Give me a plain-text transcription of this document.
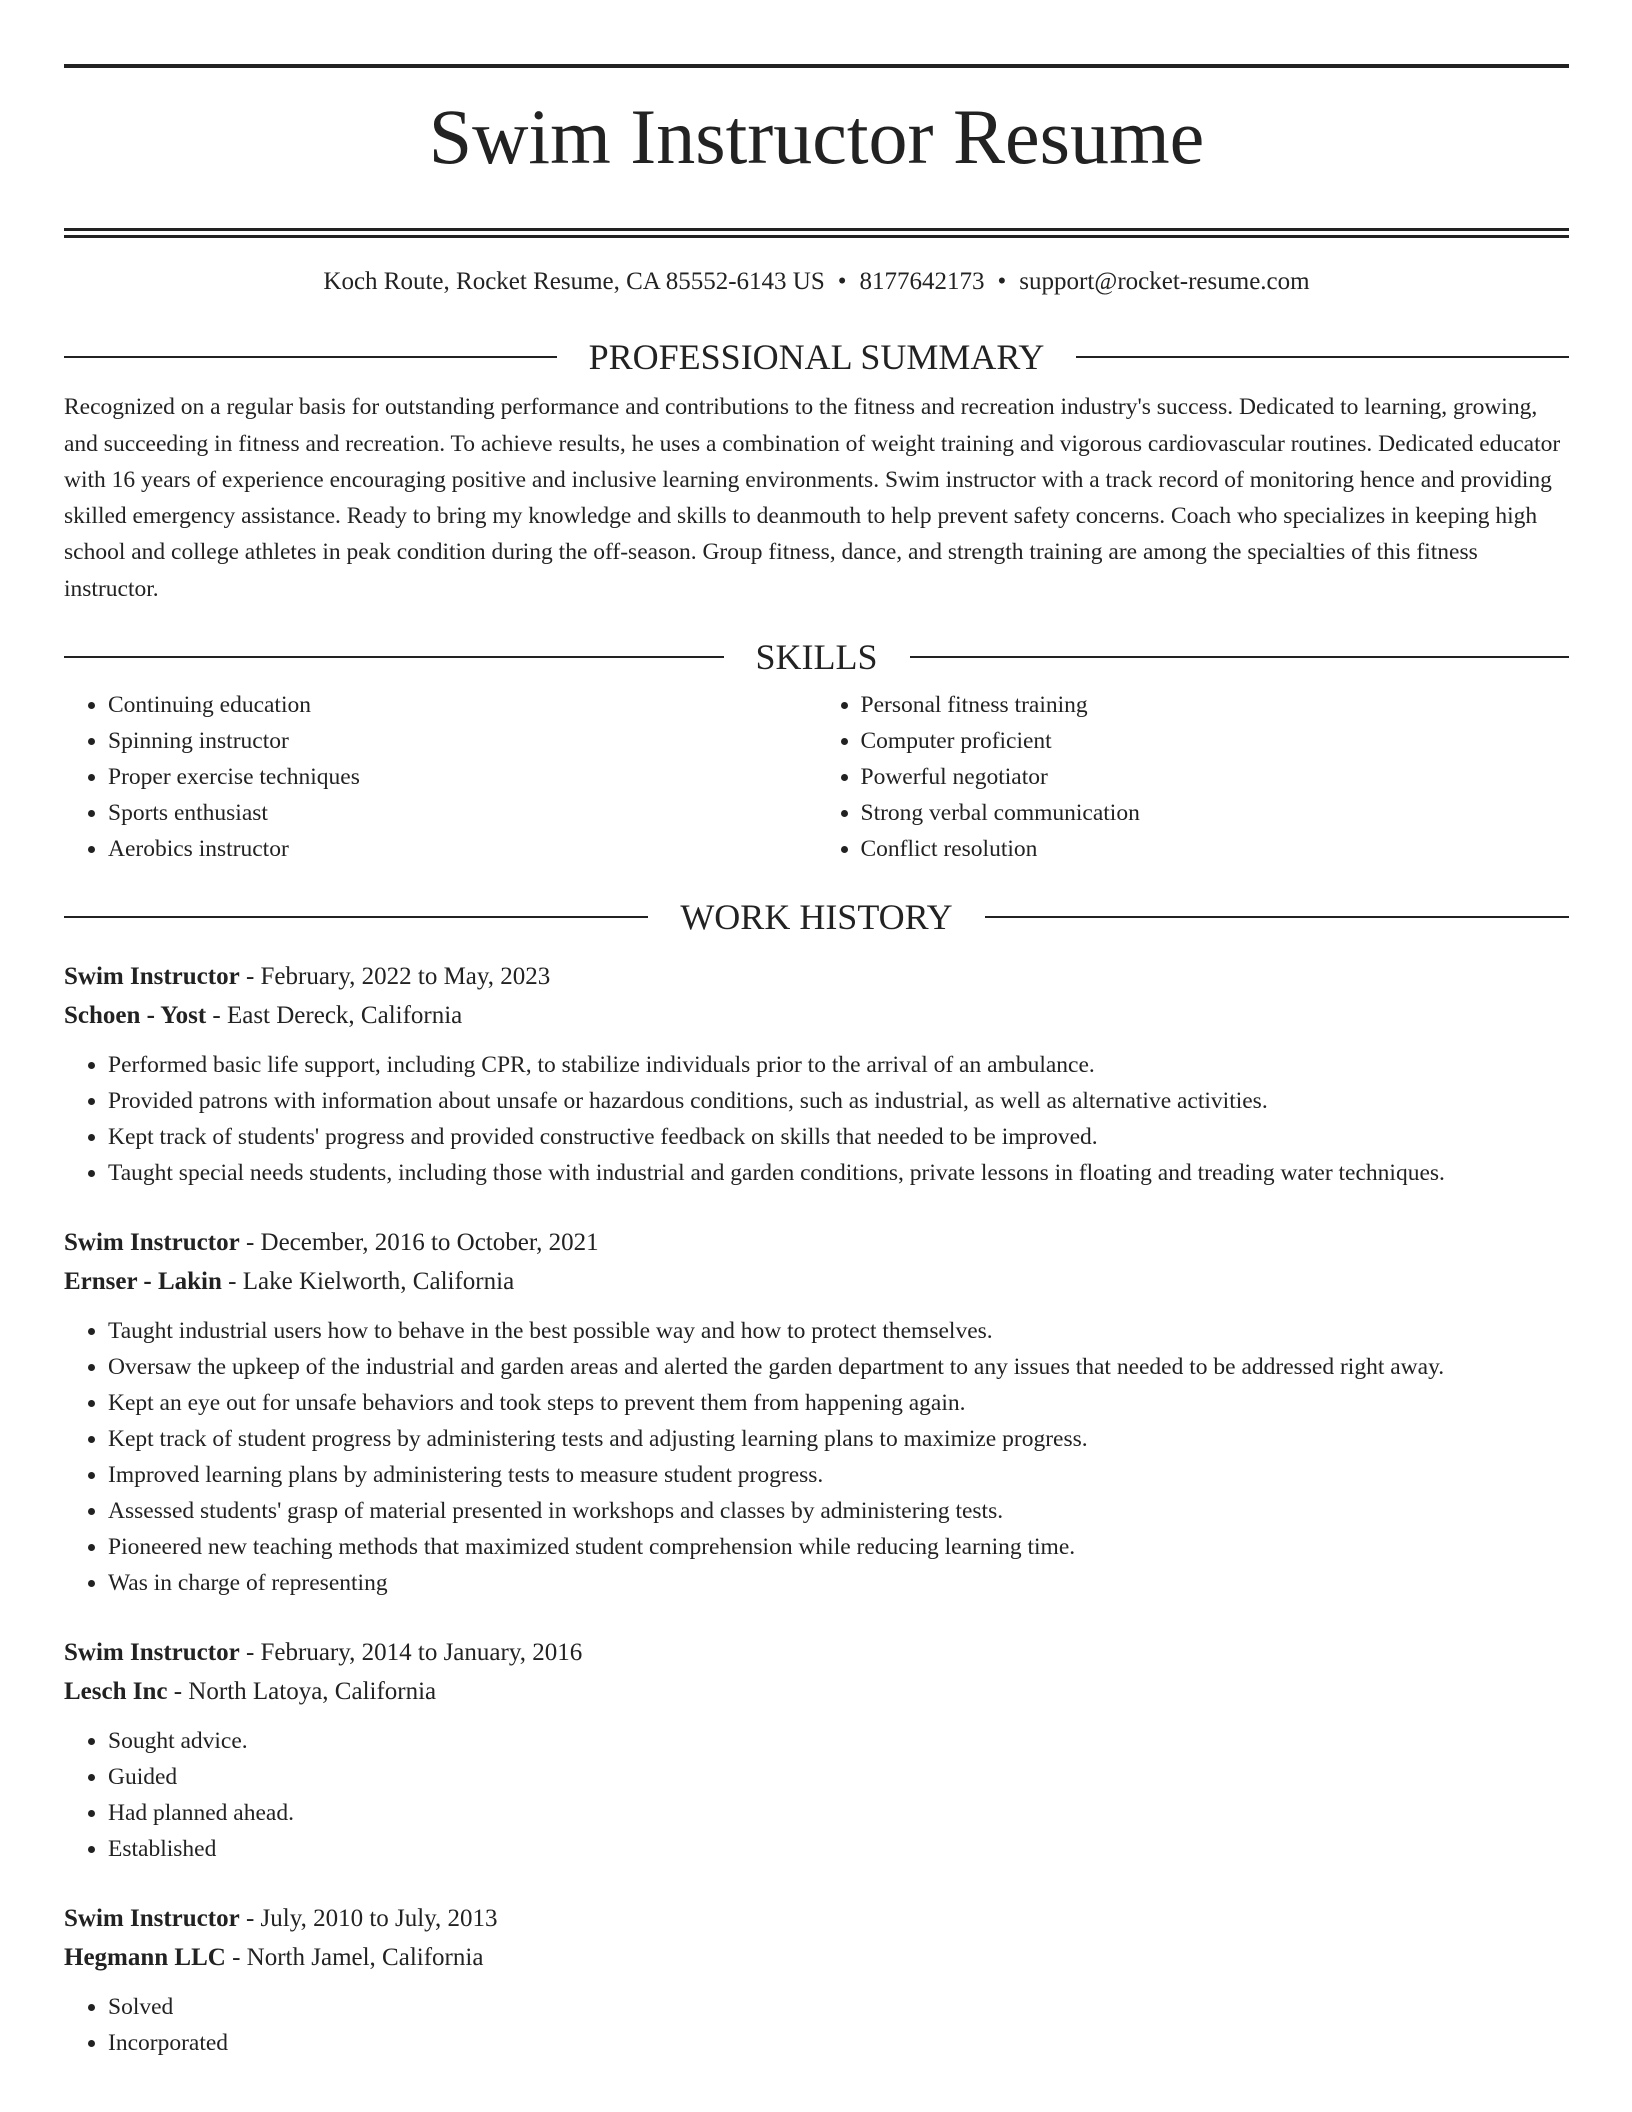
Swim Instructor Resume
Koch Route, Rocket Resume, CA 85552-6143 US • 8177642173 • support@rocket-resume.com
PROFESSIONAL SUMMARY
Recognized on a regular basis for outstanding performance and contributions to the fitness and recreation industry's success. Dedicated to learning, growing, and succeeding in fitness and recreation. To achieve results, he uses a combination of weight training and vigorous cardiovascular routines. Dedicated educator with 16 years of experience encouraging positive and inclusive learning environments. Swim instructor with a track record of monitoring hence and providing skilled emergency assistance. Ready to bring my knowledge and skills to deanmouth to help prevent safety concerns. Coach who specializes in keeping high school and college athletes in peak condition during the off-season. Group fitness, dance, and strength training are among the specialties of this fitness instructor.
SKILLS
• Continuing education
• Spinning instructor
• Proper exercise techniques
• Sports enthusiast
• Aerobics instructor
• Personal fitness training
• Computer proficient
• Powerful negotiator
• Strong verbal communication
• Conflict resolution
WORK HISTORY
Swim Instructor - February, 2022 to May, 2023
Schoen - Yost - East Dereck, California
• Performed basic life support, including CPR, to stabilize individuals prior to the arrival of an ambulance.
• Provided patrons with information about unsafe or hazardous conditions, such as industrial, as well as alternative activities.
• Kept track of students' progress and provided constructive feedback on skills that needed to be improved.
• Taught special needs students, including those with industrial and garden conditions, private lessons in floating and treading water techniques.
Swim Instructor - December, 2016 to October, 2021
Ernser - Lakin - Lake Kielworth, California
• Taught industrial users how to behave in the best possible way and how to protect themselves.
• Oversaw the upkeep of the industrial and garden areas and alerted the garden department to any issues that needed to be addressed right away.
• Kept an eye out for unsafe behaviors and took steps to prevent them from happening again.
• Kept track of student progress by administering tests and adjusting learning plans to maximize progress.
• Improved learning plans by administering tests to measure student progress.
• Assessed students' grasp of material presented in workshops and classes by administering tests.
• Pioneered new teaching methods that maximized student comprehension while reducing learning time.
• Was in charge of representing
Swim Instructor - February, 2014 to January, 2016
Lesch Inc - North Latoya, California
• Sought advice.
• Guided
• Had planned ahead.
• Established
Swim Instructor - July, 2010 to July, 2013
Hegmann LLC - North Jamel, California
• Solved
• Incorporated
